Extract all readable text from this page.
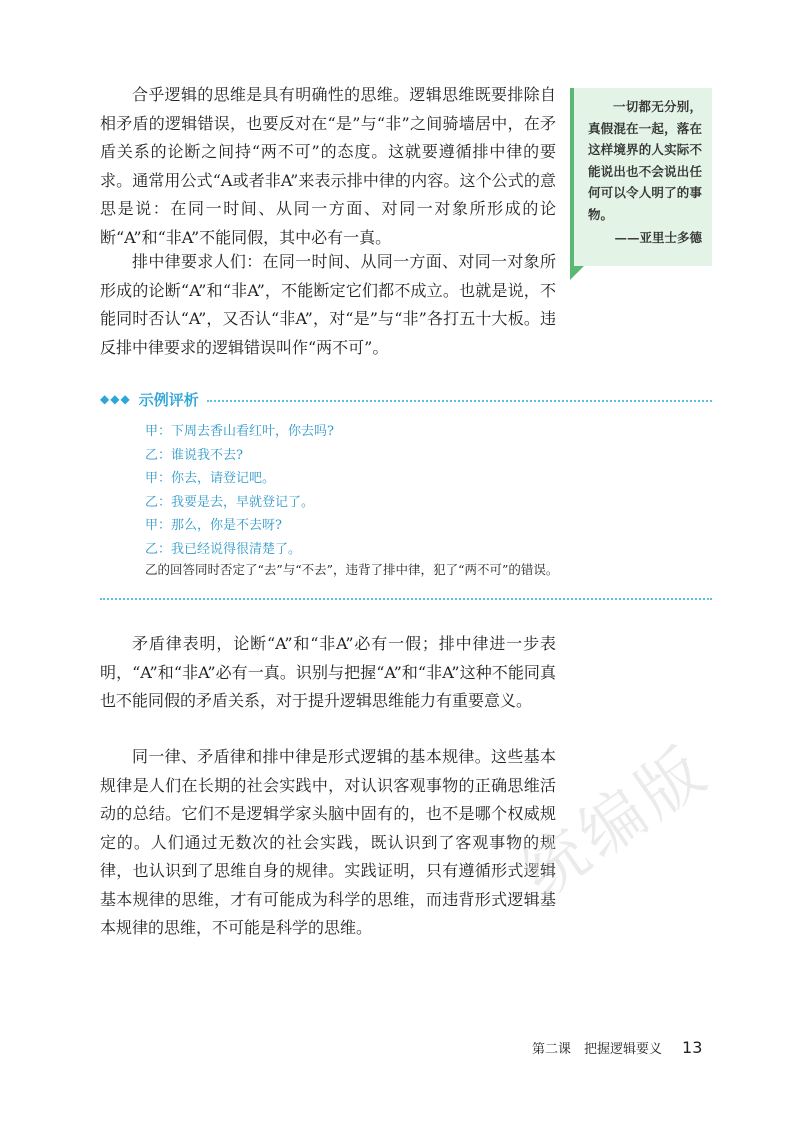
合乎逻辑的思维是具有明确性的思维。逻辑思维既要排除自相矛盾的逻辑错误，也要反对在“是”与“非”之间骑墙居中，在矛盾关系的论断之间持“两不可”的态度。这就要遵循排中律的要求。通常用公式“A或者非A”来表示排中律的内容。这个公式的意思是说：在同一时间、从同一方面、对同一对象所形成的论断“A”和“非A”不能同假，其中必有一真。

排中律要求人们：在同一时间、从同一方面、对同一对象所形成的论断“A”和“非A”，不能断定它们都不成立。也就是说，不能同时否认“A”，又否认“非A”，对“是”与“非”各打五十大板。违反排中律要求的逻辑错误叫作“两不可”。

一切都无分别，真假混在一起，落在这样境界的人实际不能说出也不会说出任何可以令人明了的事物。

——亚里士多德

◆◆◆ 示例评析
甲：下周去香山看红叶，你去吗?
乙：谁说我不去?
甲：你去，请登记吧。
乙：我要是去，早就登记了。
甲：那么，你是不去呀?
乙：我已经说得很清楚了。

乙的回答同时否定了“去”与“不去”，违背了排中律，犯了“两不可”的错误。

矛盾律表明，论断“A”和“非A”必有一假；排中律进一步表明，“A”和“非A”必有一真。识别与把握“A”和“非A”这种不能同真也不能同假的矛盾关系，对于提升逻辑思维能力有重要意义。

同一律、矛盾律和排中律是形式逻辑的基本规律。这些基本规律是人们在长期的社会实践中，对认识客观事物的正确思维活动的总结。它们不是逻辑学家头脑中固有的，也不是哪个权威规定的。人们通过无数次的社会实践，既认识到了客观事物的规律，也认识到了思维自身的规律。实践证明，只有遵循形式逻辑基本规律的思维，才有可能成为科学的思维，而违背形式逻辑基本规律的思维，不可能是科学的思维。

统编版
第二课　把握逻辑要义 13
